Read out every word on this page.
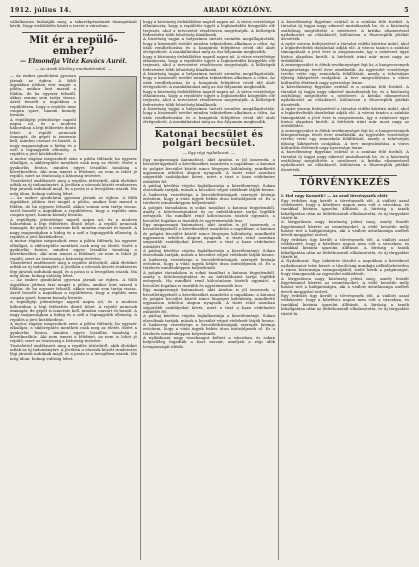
1912. július 14.	ARADI KÖZLÖNY.	5

vállalkozóra bízhatják meg, a takarékpénztárak támogatását kérik. Nagy érdeklődés kíséri a tervet a városban.

Mit ér a repülő-ember?
— Elmondja Vitéz Kovács Aurél.
— Az Aradi Közlöny munkatársától. —

— Az ember gondolatai gyorsan járnak az égben. A földi ágyakban jobban érzi magát a pilóta, amikor lent marad a földön, de ha egyszer felszáll, akkor semmi sem tartja vissza. Arról beszélt a napokban a repülőtéren, hogy a repülés nem csupán sport, hanem komoly hivatás.

A repülőgép jelentősége napról napra nő, és a modern háborúban a légi felderítés döntő lehet. A repülő nemcsak önmagát, de gépét is ismernie kell, minden csavart és huzalt. A nagy magasságban a hideg és a szél a legnagyobb ellenség. A repülés a jövő közlekedése.

A motor zúgása megszokott zene a pilóta fülének; ha egyszer elhallgat, a siklórepülés mentheti csak meg az életét. Ezért a gyakorlás fontos, minden egyes leszállás tanulság a következőhöz. Aki nem ismeri a félelmet, az nem is lehet jó repülő, mert az óvatosság a bátorság testvére.

Tisztelettel emlékezett meg a repülés úttörőiről, akik életüket adták az új tudományért. A jövőben a városok között rendszeres légi járatok indulnak majd, és a posta is a levegőben utazik. Ma még álom, holnap valóság lehet.

— Az ember gondolatai gyorsan járnak az égben. A földi ágyakban jobban érzi magát a pilóta, amikor lent marad a földön, de ha egyszer felszáll, akkor semmi sem tartja vissza. Arról beszélt a napokban a repülőtéren, hogy a repülés nem csupán sport, hanem komoly hivatás.

A repülőgép jelentősége napról napra nő, és a modern háborúban a légi felderítés döntő lehet. A repülő nemcsak önmagát, de gépét is ismernie kell, minden csavart és huzalt. A nagy magasságban a hideg és a szél a legnagyobb ellenség. A repülés a jövő közlekedése.

A motor zúgása megszokott zene a pilóta fülének; ha egyszer elhallgat, a siklórepülés mentheti csak meg az életét. Ezért a gyakorlás fontos, minden egyes leszállás tanulság a következőhöz. Aki nem ismeri a félelmet, az nem is lehet jó repülő, mert az óvatosság a bátorság testvére.

Tisztelettel emlékezett meg a repülés úttörőiről, akik életüket adták az új tudományért. A jövőben a városok között rendszeres légi járatok indulnak majd, és a posta is a levegőben utazik. Ma még álom, holnap valóság lehet.

— Az ember gondolatai gyorsan járnak az égben. A földi ágyakban jobban érzi magát a pilóta, amikor lent marad a földön, de ha egyszer felszáll, akkor semmi sem tartja vissza. Arról beszélt a napokban a repülőtéren, hogy a repülés nem csupán sport, hanem komoly hivatás.

A repülőgép jelentősége napról napra nő, és a modern háborúban a légi felderítés döntő lehet. A repülő nemcsak önmagát, de gépét is ismernie kell, minden csavart és huzalt. A nagy magasságban a hideg és a szél a legnagyobb ellenség. A repülés a jövő közlekedése.

A motor zúgása megszokott zene a pilóta fülének; ha egyszer elhallgat, a siklórepülés mentheti csak meg az életét. Ezért a gyakorlás fontos, minden egyes leszállás tanulság a következőhöz. Aki nem ismeri a félelmet, az nem is lehet jó repülő, mert az óvatosság a bátorság testvére.

Tisztelettel emlékezett meg a repülés úttörőiről, akik életüket adták az új tudományért. A jövőben a városok között rendszeres légi járatok indulnak majd, és a posta is a levegőben utazik. Ma még álom, holnap valóság lehet.

hogy a közönség érdeklődése napról napra nő. A város vezetősége elhatározta, hogy a repülőtér ügyét a legközelebbi közgyűlés elé terjeszti, ahol a tervezetet részletesen megvitatják. A költségek fedezésére több lehetőség kínálkozik.

A bizottság tagjai a helyszínen tartott szemlén megállapították, hogy a kiszemelt terület minden tekintetben alkalmas a célra. Az utak rendbehozása és a hangárok felépítése rövid idő alatt elvégezhető. A munkálatokat még az ősz folyamán megkezdik.

hogy a közönség érdeklődése napról napra nő. A város vezetősége elhatározta, hogy a repülőtér ügyét a legközelebbi közgyűlés elé terjeszti, ahol a tervezetet részletesen megvitatják. A költségek fedezésére több lehetőség kínálkozik.

A bizottság tagjai a helyszínen tartott szemlén megállapították, hogy a kiszemelt terület minden tekintetben alkalmas a célra. Az utak rendbehozása és a hangárok felépítése rövid idő alatt elvégezhető. A munkálatokat még az ősz folyamán megkezdik.

hogy a közönség érdeklődése napról napra nő. A város vezetősége elhatározta, hogy a repülőtér ügyét a legközelebbi közgyűlés elé terjeszti, ahol a tervezetet részletesen megvitatják. A költségek fedezésére több lehetőség kínálkozik.

A bizottság tagjai a helyszínen tartott szemlén megállapították, hogy a kiszemelt terület minden tekintetben alkalmas a célra. Az utak rendbehozása és a hangárok felépítése rövid idő alatt elvégezhető. A munkálatokat még az ősz folyamán megkezdik.

Katonai becsület és polgári becsület.
— Egy régi nyilatkozat. —

Egy magasrangú katonatiszt, akit Aradon is jól ismernek, a becsületügyekről a következőket mondotta a napokban: a katonai és polgári becsület között nincs lényeges különbség, mindkettő ugyanazon erkölcsi alapon nyugszik. A tiszti rend azonban szigorúbb szabályokat követ, mert a tiszt a haza védelmére esküdött fel.

A párbaj kérdése régóta foglalkoztatja a közvéleményt. Sokan elavultnak tartják, mások a becsület végső védelmét látják benne. A hadsereg vezetősége a becsületbíróságok szerepét kívánja erősíteni, hogy a vitás ügyek békés úton intéződjenek el. Ez a törekvés mindenképpen helyeslendő.

A polgári társadalom is sokat tanulhat a katonai fegyelemből, amely a kötelességtudást és az önfeláldozást tartja legfőbb erénynek. Ha mindkét rend kölcsönösen tiszteli egymást, a becsület fogalma is tisztább és egyetemesebb lesz.

Egy magasrangú katonatiszt, akit Aradon is jól ismernek, a becsületügyekről a következőket mondotta a napokban: a katonai és polgári becsület között nincs lényeges különbség, mindkettő ugyanazon erkölcsi alapon nyugszik. A tiszti rend azonban szigorúbb szabályokat követ, mert a tiszt a haza védelmére esküdött fel.

A párbaj kérdése régóta foglalkoztatja a közvéleményt. Sokan elavultnak tartják, mások a becsület végső védelmét látják benne. A hadsereg vezetősége a becsületbíróságok szerepét kívánja erősíteni, hogy a vitás ügyek békés úton intéződjenek el. Ez a törekvés mindenképpen helyeslendő.

A polgári társadalom is sokat tanulhat a katonai fegyelemből, amely a kötelességtudást és az önfeláldozást tartja legfőbb erénynek. Ha mindkét rend kölcsönösen tiszteli egymást, a becsület fogalma is tisztább és egyetemesebb lesz.

Egy magasrangú katonatiszt, akit Aradon is jól ismernek, a becsületügyekről a következőket mondotta a napokban: a katonai és polgári becsület között nincs lényeges különbség, mindkettő ugyanazon erkölcsi alapon nyugszik. A tiszti rend azonban szigorúbb szabályokat követ, mert a tiszt a haza védelmére esküdött fel.

A párbaj kérdése régóta foglalkoztatja a közvéleményt. Sokan elavultnak tartják, mások a becsület végső védelmét látják benne. A hadsereg vezetősége a becsületbíróságok szerepét kívánja erősíteni, hogy a vitás ügyek békés úton intéződjenek el. Ez a törekvés mindenképpen helyeslendő.

A nyilatkozat nagy visszhangot keltett a városban, és sokan helyeslőleg fogadták a tiszt szavait, amelyek a régi idők lovagiasságát idézik.

A közvélemény figyelme ezúttal is a színház felé fordult. A társulat új tagjai nagy sikerrel mutatkoztak be, és a közönség zsúfolásig megtöltötte a nézőteret. A kritika elismeréssel nyilatkozott az előadásról, különösen a főszereplők játékát dicsérték.

A nyári szezon befejeztével a társulat vidéki körútra indul, ahol a legkedveltebb darabokat adják elő. A városi tanács a színház támogatását a jövő évre is megszavazta, így a színészet ügye biztos alapokra került. A bérletek iránt már most nagy az érdeklődés.

A zeneegyesület is élénk tevékenységet fejt ki; a hangversenyek látogatottsága évről évre emelkedik. Az egyesület vezetősége tervbe vette egy zeneiskola felállítását, amely a tehetséges ifjúság kiképzését szolgálná. A terv megvalósítása a város kulturális életének nagy nyeresége lenne.

A közvélemény figyelme ezúttal is a színház felé fordult. A társulat új tagjai nagy sikerrel mutatkoztak be, és a közönség zsúfolásig megtöltötte a nézőteret. A kritika elismeréssel nyilatkozott az előadásról, különösen a főszereplők játékát dicsérték.

A nyári szezon befejeztével a társulat vidéki körútra indul, ahol a legkedveltebb darabokat adják elő. A városi tanács a színház támogatását a jövő évre is megszavazta, így a színészet ügye biztos alapokra került. A bérletek iránt már most nagy az érdeklődés.

A zeneegyesület is élénk tevékenységet fejt ki; a hangversenyek látogatottsága évről évre emelkedik. Az egyesület vezetősége tervbe vette egy zeneiskola felállítását, amely a tehetséges ifjúság kiképzését szolgálná. A terv megvalósítása a város kulturális életének nagy nyeresége lenne.

A közvélemény figyelme ezúttal is a színház felé fordult. A társulat új tagjai nagy sikerrel mutatkoztak be, és a közönség zsúfolásig megtöltötte a nézőteret. A kritika elismeréssel nyilatkozott az előadásról, különösen a főszereplők játékát dicsérték.

TÖRVÉNYKEZÉS

I. Hol vagy Kossuth? — Az arad törvényszék előtt

Egy érdekes ügy került a törvényszék elé. A vádlott azzal védekezett, hogy a kérdéses napon nem volt a városban, és tanúkkal kívánta igazolni állítását. A bíróság a tanúk kihallgatása után az ítélethozatalt elhalasztotta, és új tárgyalást tűzött ki.

A tárgyaláson nagy közönség jelent meg, amely feszült figyelemmel kísérte az eseményeket. A védő beszéde mély hatást tett a hallgatóságra, aki a vádlott ártatlansága mellett érvelt meggyőző erővel.

Egy érdekes ügy került a törvényszék elé. A vádlott azzal védekezett, hogy a kérdéses napon nem volt a városban, és tanúkkal kívánta igazolni állítását. A bíróság a tanúk kihallgatása után az ítélethozatalt elhalasztotta, és új tárgyalást tűzött ki.

A Nyilatkozat. Egy önkéntes tűzoltó a napokban a következő nyilatkozatot tette közzé: a tűzoltóság munkája nélkülözhetetlen a város biztonsága szempontjából, ezért kérik a polgárságot, hogy támogassák az egyesület működését.

A tárgyaláson nagy közönség jelent meg, amely feszült figyelemmel kísérte az eseményeket. A védő beszéde mély hatást tett a hallgatóságra, aki a vádlott ártatlansága mellett érvelt meggyőző erővel.

Egy érdekes ügy került a törvényszék elé. A vádlott azzal védekezett, hogy a kérdéses napon nem volt a városban, és tanúkkal kívánta igazolni állítását. A bíróság a tanúk kihallgatása után az ítélethozatalt elhalasztotta, és új tárgyalást tűzött ki.
